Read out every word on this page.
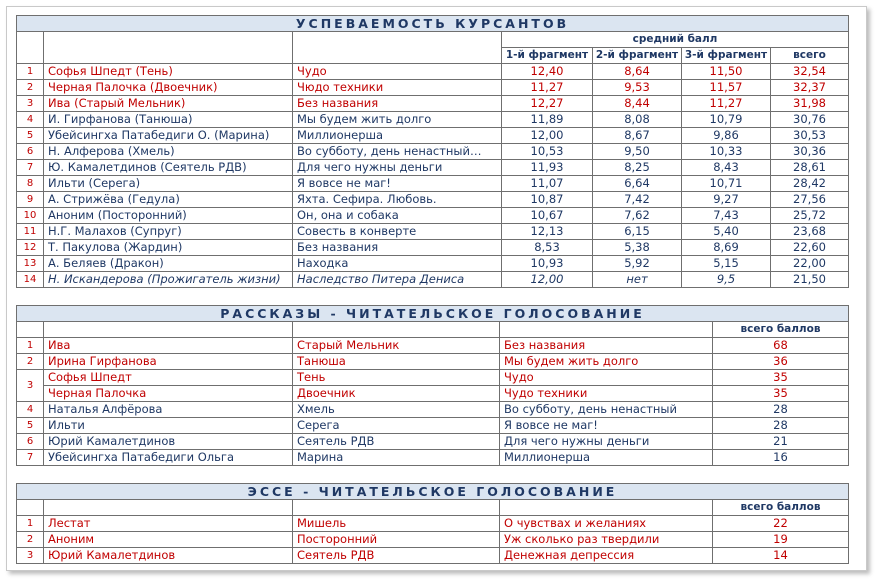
УСПЕВАЕМОСТЬ КУРСАНТОВ						
			средний балл			
			1-й фрагмент	2-й фрагмент	3-й фрагмент	всего
1	Софья Шпедт (Тень)	Чудо	12,40	8,64	11,50	32,54
2	Черная Палочка (Двоечник)	Чюдо техники	11,27	9,53	11,57	32,37
3	Ива (Старый Мельник)	Без названия	12,27	8,44	11,27	31,98
4	И. Гирфанова (Танюша)	Мы будем жить долго	11,89	8,08	10,79	30,76
5	Убейсингха Патабедиги О. (Марина)	Миллионерша	12,00	8,67	9,86	30,53
6	Н. Алферова (Хмель)	Во субботу, день ненастный…	10,53	9,50	10,33	30,36
7	Ю. Камалетдинов (Сеятель РДВ)	Для чего нужны деньги	11,93	8,25	8,43	28,61
8	Ильти (Серега)	Я вовсе не маг!	11,07	6,64	10,71	28,42
9	А. Стрижёва (Гедула)	Яхта. Сефира. Любовь.	10,87	7,42	9,27	27,56
10	Аноним (Посторонний)	Он, она и собака	10,67	7,62	7,43	25,72
11	Н.Г. Малахов (Супруг)	Совесть в конверте	12,13	6,15	5,40	23,68
12	Т. Пакулова (Жардин)	Без названия	8,53	5,38	8,69	22,60
13	А. Беляев (Дракон)	Находка	10,93	5,92	5,15	22,00
14	Н. Искандерова (Прожигатель жизни)	Наследство Питера Дениса	12,00	нет	9,5	21,50
РАССКАЗЫ - ЧИТАТЕЛЬСКОЕ ГОЛОСОВАНИЕ				
				всего баллов
1	Ива	Старый Мельник	Без названия	68
2	Ирина Гирфанова	Танюша	Мы будем жить долго	36
3	Софья Шпедт	Тень	Чудо	35
	Черная Палочка	Двоечник	Чудо техники	35
4	Наталья Алфёрова	Хмель	Во субботу, день ненастный	28
5	Ильти	Серега	Я вовсе не маг!	28
6	Юрий Камалетдинов	Сеятель РДВ	Для чего нужны деньги	21
7	Убейсингха Патабедиги Ольга	Марина	Миллионерша	16
ЭССЕ - ЧИТАТЕЛЬСКОЕ ГОЛОСОВАНИЕ				
				всего баллов
1	Лестат	Мишель	О чувствах и желаниях	22
2	Аноним	Посторонний	Уж сколько раз твердили	19
3	Юрий Камалетдинов	Сеятель РДВ	Денежная депрессия	14
